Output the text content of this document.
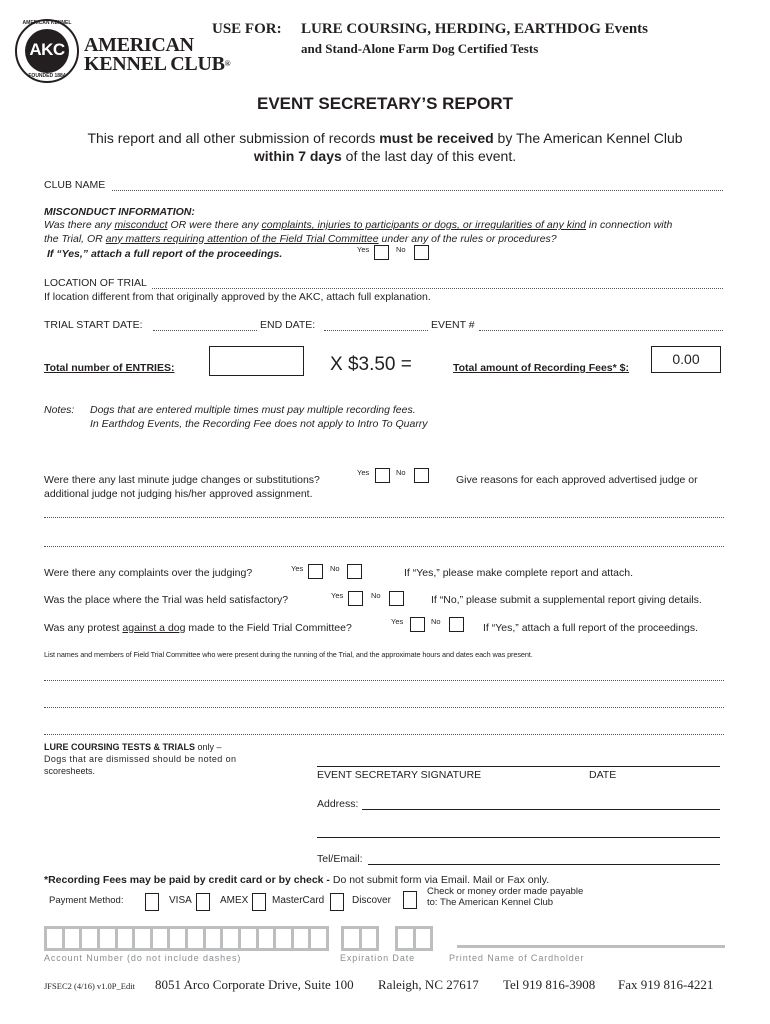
AKC
AMERICAN KENNEL
FOUNDED 1884
AMERICAN
KENNEL CLUB®
USE FOR: LURE COURSING, HERDING, EARTHDOG Events
and Stand-Alone Farm Dog Certified Tests
EVENT SECRETARY’S REPORT
This report and all other submission of records must be received by The American Kennel Club
within 7 days of the last day of this event.
CLUB NAME
MISCONDUCT INFORMATION:
Was there any misconduct OR were there any complaints, injuries to participants or dogs, or irregularities of any kind in connection with
the Trial, OR any matters requiring attention of the Field Trial Committee under any of the rules or procedures?
If “Yes,” attach a full report of the proceedings.	Yes	No
LOCATION OF TRIAL
If location different from that originally approved by the AKC, attach full explanation.
TRIAL START DATE:	END DATE:	EVENT #
Total number of ENTRIES:	X $3.50 =	Total amount of Recording Fees* $:
0.00
Notes: Dogs that are entered multiple times must pay multiple recording fees.
In Earthdog Events, the Recording Fee does not apply to Intro To Quarry
Were there any last minute judge changes or substitutions?
additional judge not judging his/her approved assignment.
Yes	No
Give reasons for each approved advertised judge or
Were there any complaints over the judging?	Yes	No	If “Yes,” please make complete report and attach.
Was the place where the Trial was held satisfactory?	Yes	No	If “No,” please submit a supplemental report giving details.
Was any protest against a dog made to the Field Trial Committee?
Yes	No
If “Yes,” attach a full report of the proceedings.
List names and members of Field Trial Committee who were present during the running of the Trial, and the approximate hours and dates each was present.
LURE COURSING TESTS & TRIALS only –
Dogs that are dismissed should be noted on
scoresheets.	EVENT SECRETARY SIGNATURE	DATE
Address:
Tel/Email:
*Recording Fees may be paid by credit card or by check - Do not submit form via Email. Mail or Fax only.
Payment Method:	VISA	AMEX MasterCard	Discover
Check or money order made payable
to: The American Kennel Club
Account Number (do not include dashes)	Expiration Date	Printed Name of Cardholder
JFSEC2 (4/16) v1.0P_Edit 8051 Arco Corporate Drive, Suite 100 Raleigh, NC 27617 Tel 919 816-3908 Fax 919 816-4221
